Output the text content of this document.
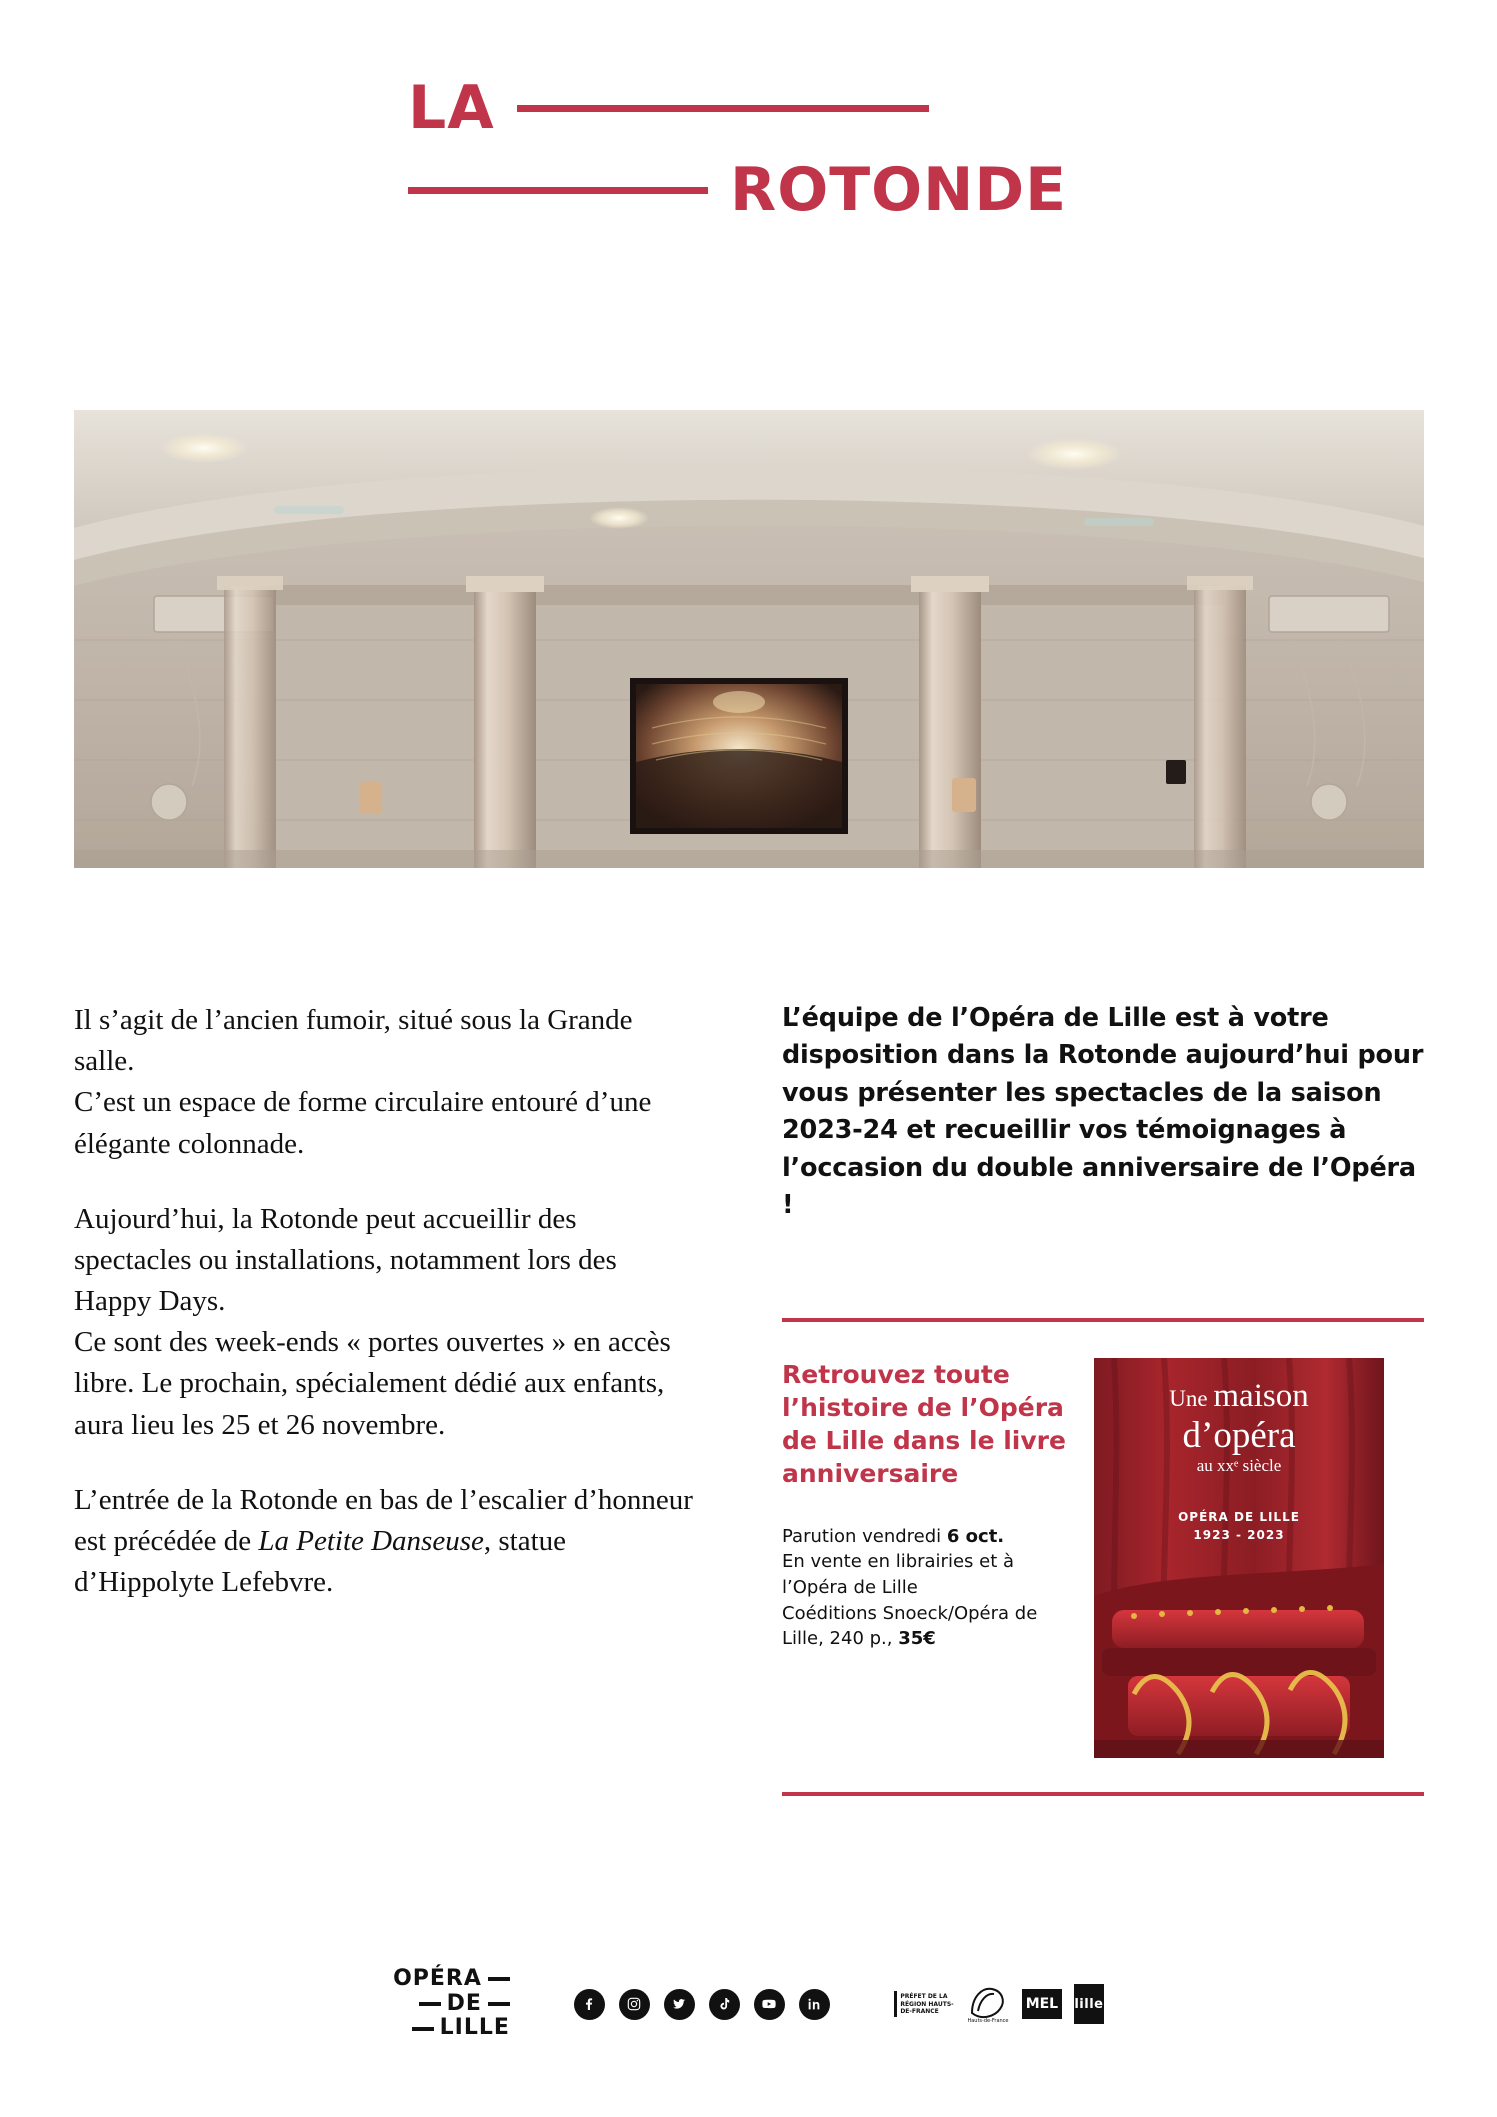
LA
ROTONDE

Il s’agit de l’ancien fumoir, situé sous la Grande salle.
C’est un espace de forme circulaire entouré d’une élégante colonnade.

Aujourd’hui, la Rotonde peut accueillir des spectacles ou installations, notamment lors des Happy Days.
Ce sont des week-ends « portes ouvertes » en accès libre. Le prochain, spécialement dédié aux enfants, aura lieu les 25 et 26 novembre.

L’entrée de la Rotonde en bas de l’escalier d’honneur est précédée de La Petite Danseuse, statue d’Hippolyte Lefebvre.

L’équipe de l’Opéra de Lille est à votre disposition dans la Rotonde aujourd’hui pour vous présenter les spectacles de la saison 2023-24 et recueillir vos témoignages à l’occasion du double anniversaire de l’Opéra !

Retrouvez toute l’histoire de l’Opéra de Lille dans le livre anniversaire

Parution vendredi 6 oct.
En vente en librairies et à l’Opéra de Lille
Coéditions Snoeck/Opéra de Lille, 240 p., 35€

Une maison
d’opéra
au xxᵉ siècle
OPÉRA DE LILLE
1923 - 2023
OPÉRA
DE
LILLE
PRÉFET DE LA RÉGION HAUTS-DE-FRANCE
Hauts-de-France
MEL lille
